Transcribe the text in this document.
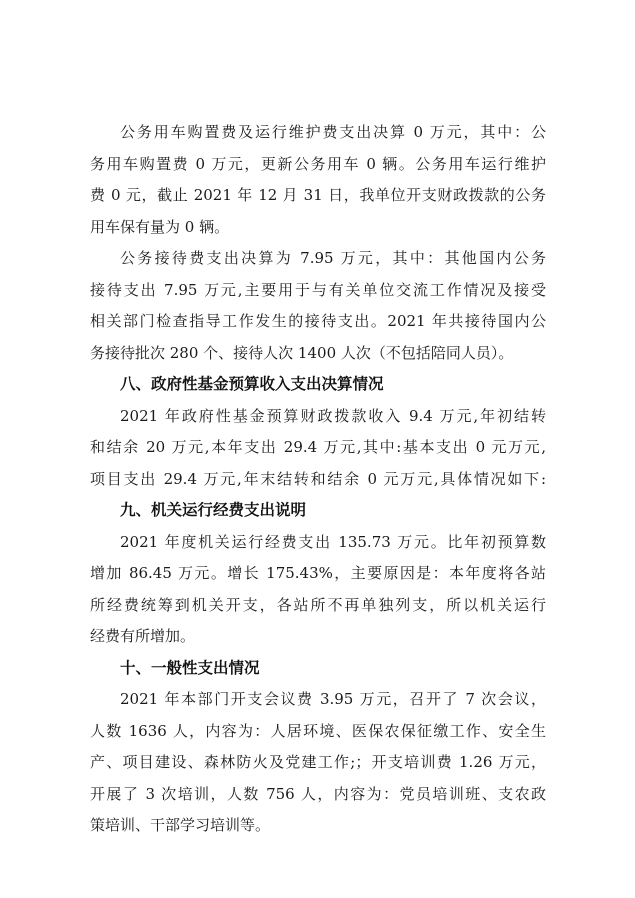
公务用车购置费及运行维护费支出决算 0 万元，其中：公
务用车购置费 0 万元，更新公务用车 0 辆。公务用车运行维护
费 0 元，截止 2021 年 12 月 31 日，我单位开支财政拨款的公务
用车保有量为 0 辆。
公务接待费支出决算为 7.95 万元，其中：其他国内公务
接待支出 7.95 万元,主要用于与有关单位交流工作情况及接受
相关部门检查指导工作发生的接待支出。2021 年共接待国内公
务接待批次 280 个、接待人次 1400 人次（不包括陪同人员）。
八、政府性基金预算收入支出决算情况
2021 年政府性基金预算财政拨款收入 9.4 万元,年初结转
和结余 20 万元,本年支出 29.4 万元,其中:基本支出 0 元万元,
项目支出 29.4 万元,年末结转和结余 0 元万元,具体情况如下:
九、机关运行经费支出说明
2021 年度机关运行经费支出 135.73 万元。比年初预算数
增加 86.45 万元。增长 175.43%，主要原因是：本年度将各站
所经费统筹到机关开支，各站所不再单独列支，所以机关运行
经费有所增加。
十、一般性支出情况
2021 年本部门开支会议费 3.95 万元，召开了 7 次会议，
人数 1636 人，内容为：人居环境、医保农保征缴工作、安全生
产、项目建设、森林防火及党建工作;；开支培训费 1.26 万元，
开展了 3 次培训，人数 756 人，内容为：党员培训班、支农政
策培训、干部学习培训等。
